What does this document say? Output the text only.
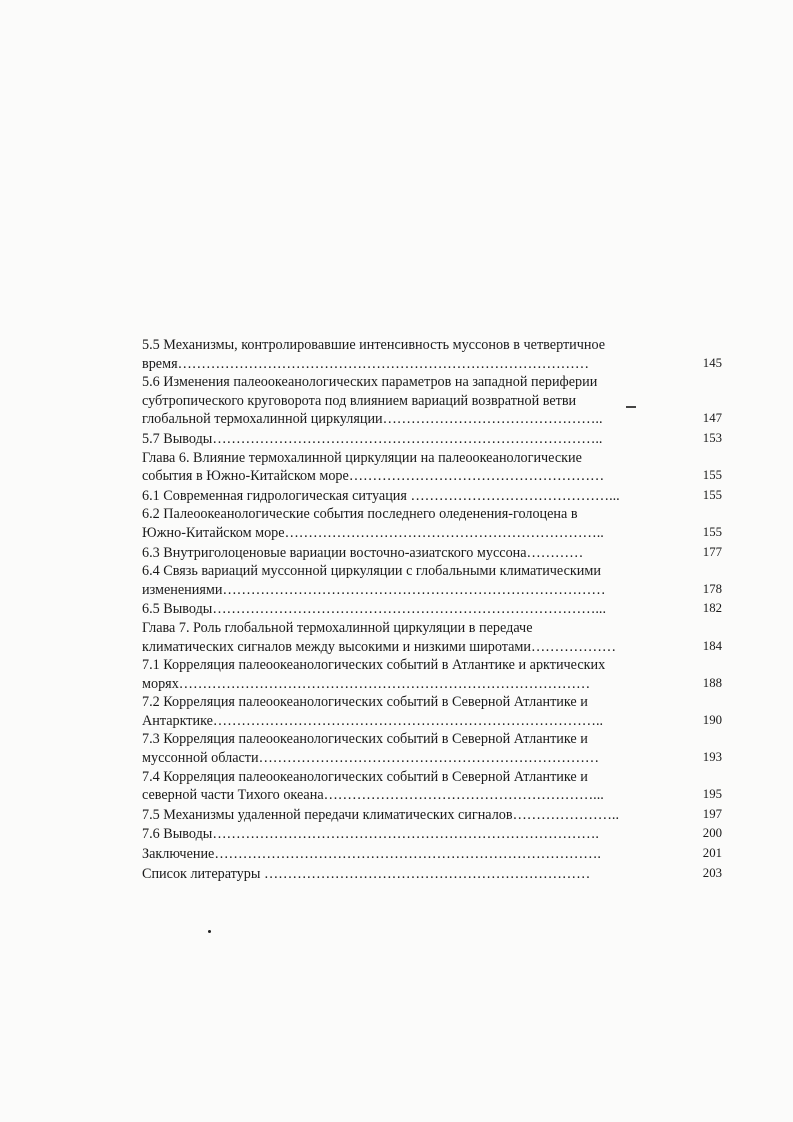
5.5 Механизмы, контролировавшие интенсивность муссонов в четвертичное
время……………………………………………………………………………	145
5.6 Изменения палеоокеанологических параметров на западной периферии
субтропического круговорота под влиянием вариаций возвратной ветви
глобальной термохалинной циркуляции………………………………………..	147
5.7 Выводы………………………………………………………………………..	153
Глава 6. Влияние термохалинной циркуляции на палеоокеанологические
события в Южно-Китайском море………………………………………………	155
6.1 Современная гидрологическая ситуация ……………………………………...	155
6.2 Палеоокеанологические события последнего оледенения-голоцена в
Южно-Китайском море…………………………………………………………..	155
6.3 Внутриголоценовые вариации восточно-азиатского муссона…………	177
6.4 Связь вариаций муссонной циркуляции с глобальными климатическими
изменениями………………………………………………………………………	178
6.5 Выводы………………………………………………………………………...	182
Глава 7. Роль глобальной термохалинной циркуляции в передаче
климатических сигналов между высокими и низкими широтами………………	184
7.1 Корреляция палеоокеанологических событий в Атлантике и арктических
морях……………………………………………………………………………	188
7.2 Корреляция палеоокеанологических событий в Северной Атлантике и
Антарктике………………………………………………………………………..	190
7.3 Корреляция палеоокеанологических событий в Северной Атлантике и
муссонной области………………………………………………………………	193
7.4 Корреляция палеоокеанологических событий в Северной Атлантике и
северной части Тихого океана…………………………………………………...	195
7.5 Механизмы удаленной передачи климатических сигналов…………………..	197
7.6 Выводы……………………………………………………………………….	200
Заключение……………………………………………………………………….	201
Список литературы ……………………………………………………………	203
